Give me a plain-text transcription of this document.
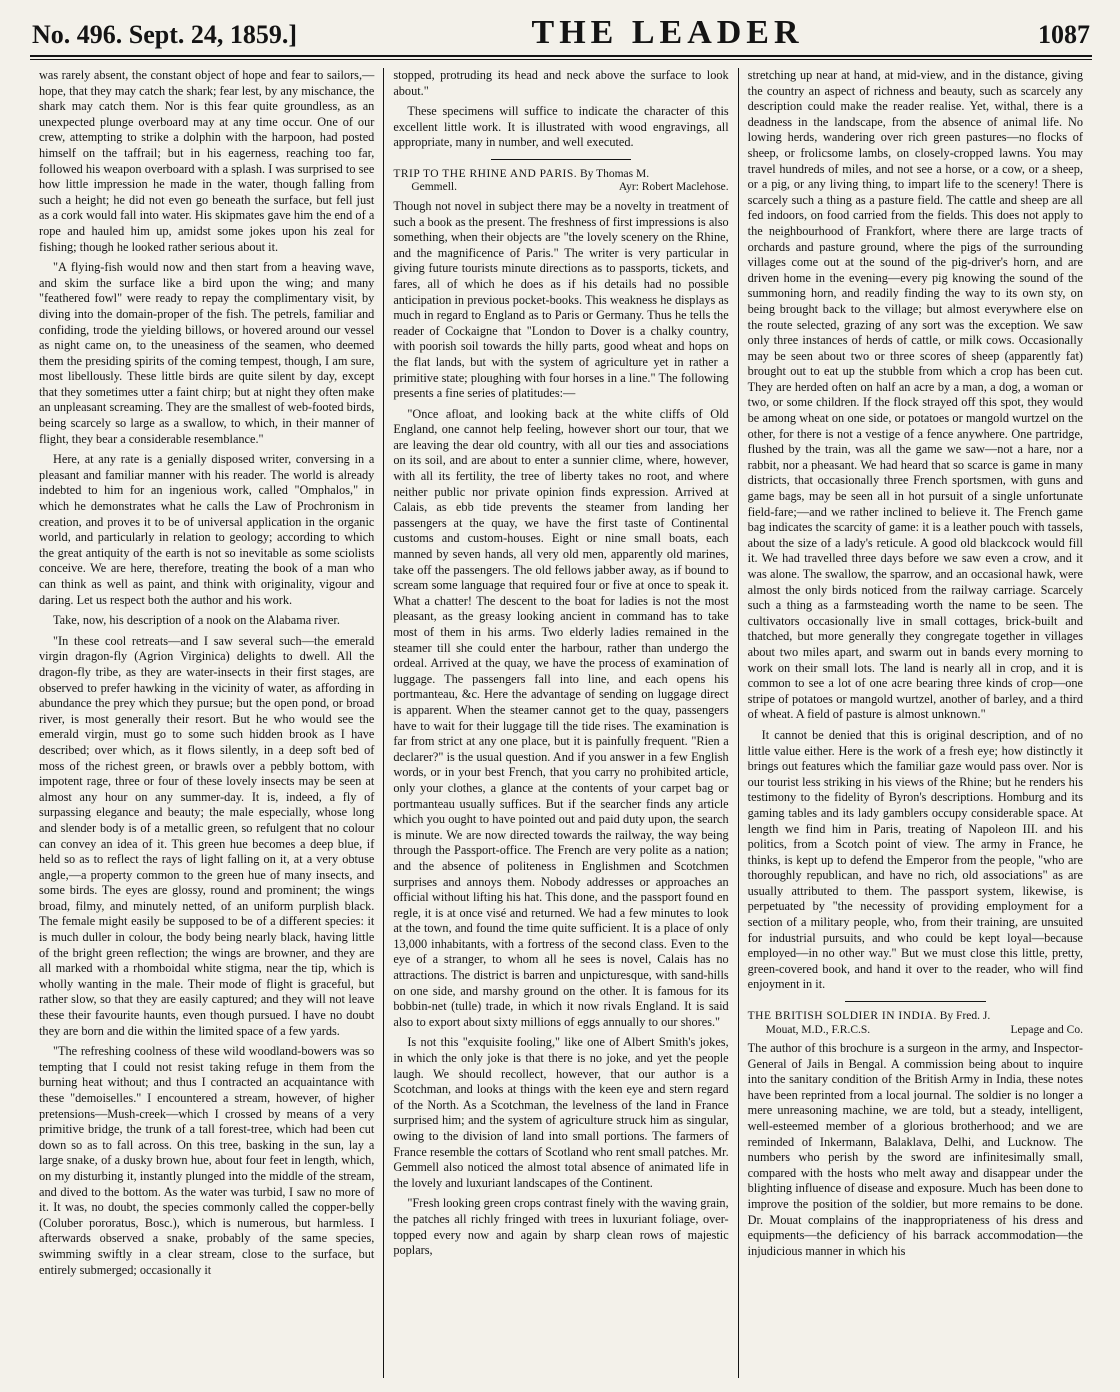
No. 496. Sept. 24, 1859.]	THE LEADER	1087

was rarely absent, the constant object of hope and fear to sailors,—hope, that they may catch the shark; fear lest, by any mischance, the shark may catch them. Nor is this fear quite groundless, as an unexpected plunge overboard may at any time occur. One of our crew, attempting to strike a dolphin with the harpoon, had posted himself on the taffrail; but in his eagerness, reaching too far, followed his weapon overboard with a splash. I was surprised to see how little impression he made in the water, though falling from such a height; he did not even go beneath the surface, but fell just as a cork would fall into water. His skipmates gave him the end of a rope and hauled him up, amidst some jokes upon his zeal for fishing; though he looked rather serious about it.

"A flying-fish would now and then start from a heaving wave, and skim the surface like a bird upon the wing; and many "feathered fowl" were ready to repay the complimentary visit, by diving into the domain-proper of the fish. The petrels, familiar and confiding, trode the yielding billows, or hovered around our vessel as night came on, to the uneasiness of the seamen, who deemed them the presiding spirits of the coming tempest, though, I am sure, most libellously. These little birds are quite silent by day, except that they sometimes utter a faint chirp; but at night they often make an unpleasant screaming. They are the smallest of web-footed birds, being scarcely so large as a swallow, to which, in their manner of flight, they bear a considerable resemblance."

Here, at any rate is a genially disposed writer, conversing in a pleasant and familiar manner with his reader. The world is already indebted to him for an ingenious work, called "Omphalos," in which he demonstrates what he calls the Law of Prochronism in creation, and proves it to be of universal application in the organic world, and particularly in relation to geology; according to which the great antiquity of the earth is not so inevitable as some sciolists conceive. We are here, therefore, treating the book of a man who can think as well as paint, and think with originality, vigour and daring. Let us respect both the author and his work.

Take, now, his description of a nook on the Alabama river.

"In these cool retreats—and I saw several such—the emerald virgin dragon-fly (Agrion Virginica) delights to dwell. All the dragon-fly tribe, as they are water-insects in their first stages, are observed to prefer hawking in the vicinity of water, as affording in abundance the prey which they pursue; but the open pond, or broad river, is most generally their resort. But he who would see the emerald virgin, must go to some such hidden brook as I have described; over which, as it flows silently, in a deep soft bed of moss of the richest green, or brawls over a pebbly bottom, with impotent rage, three or four of these lovely insects may be seen at almost any hour on any summer-day. It is, indeed, a fly of surpassing elegance and beauty; the male especially, whose long and slender body is of a metallic green, so refulgent that no colour can convey an idea of it. This green hue becomes a deep blue, if held so as to reflect the rays of light falling on it, at a very obtuse angle,—a property common to the green hue of many insects, and some birds. The eyes are glossy, round and prominent; the wings broad, filmy, and minutely netted, of an uniform purplish black. The female might easily be supposed to be of a different species: it is much duller in colour, the body being nearly black, having little of the bright green reflection; the wings are browner, and they are all marked with a rhomboidal white stigma, near the tip, which is wholly wanting in the male. Their mode of flight is graceful, but rather slow, so that they are easily captured; and they will not leave these their favourite haunts, even though pursued. I have no doubt they are born and die within the limited space of a few yards.

"The refreshing coolness of these wild woodland-bowers was so tempting that I could not resist taking refuge in them from the burning heat without; and thus I contracted an acquaintance with these "demoiselles." I encountered a stream, however, of higher pretensions—Mush-creek—which I crossed by means of a very primitive bridge, the trunk of a tall forest-tree, which had been cut down so as to fall across. On this tree, basking in the sun, lay a large snake, of a dusky brown hue, about four feet in length, which, on my disturbing it, instantly plunged into the middle of the stream, and dived to the bottom. As the water was turbid, I saw no more of it. It was, no doubt, the species commonly called the copper-belly (Coluber pororatus, Bosc.), which is numerous, but harmless. I afterwards observed a snake, probably of the same species, swimming swiftly in a clear stream, close to the surface, but entirely submerged; occasionally it

stopped, protruding its head and neck above the surface to look about."

These specimens will suffice to indicate the character of this excellent little work. It is illustrated with wood engravings, all appropriate, many in number, and well executed.

TRIP TO THE RHINE AND PARIS. By Thomas M.
Gemmell.	Ayr: Robert Maclehose.

Though not novel in subject there may be a novelty in treatment of such a book as the present. The freshness of first impressions is also something, when their objects are "the lovely scenery on the Rhine, and the magnificence of Paris." The writer is very particular in giving future tourists minute directions as to passports, tickets, and fares, all of which he does as if his details had no possible anticipation in previous pocket-books. This weakness he displays as much in regard to England as to Paris or Germany. Thus he tells the reader of Cockaigne that "London to Dover is a chalky country, with poorish soil towards the hilly parts, good wheat and hops on the flat lands, but with the system of agriculture yet in rather a primitive state; ploughing with four horses in a line." The following presents a fine series of platitudes:—

"Once afloat, and looking back at the white cliffs of Old England, one cannot help feeling, however short our tour, that we are leaving the dear old country, with all our ties and associations on its soil, and are about to enter a sunnier clime, where, however, with all its fertility, the tree of liberty takes no root, and where neither public nor private opinion finds expression. Arrived at Calais, as ebb tide prevents the steamer from landing her passengers at the quay, we have the first taste of Continental customs and custom-houses. Eight or nine small boats, each manned by seven hands, all very old men, apparently old marines, take off the passengers. The old fellows jabber away, as if bound to scream some language that required four or five at once to speak it. What a chatter! The descent to the boat for ladies is not the most pleasant, as the greasy looking ancient in command has to take most of them in his arms. Two elderly ladies remained in the steamer till she could enter the harbour, rather than undergo the ordeal. Arrived at the quay, we have the process of examination of luggage. The passengers fall into line, and each opens his portmanteau, &c. Here the advantage of sending on luggage direct is apparent. When the steamer cannot get to the quay, passengers have to wait for their luggage till the tide rises. The examination is far from strict at any one place, but it is painfully frequent. "Rien a declarer?" is the usual question. And if you answer in a few English words, or in your best French, that you carry no prohibited article, only your clothes, a glance at the contents of your carpet bag or portmanteau usually suffices. But if the searcher finds any article which you ought to have pointed out and paid duty upon, the search is minute. We are now directed towards the railway, the way being through the Passport-office. The French are very polite as a nation; and the absence of politeness in Englishmen and Scotchmen surprises and annoys them. Nobody addresses or approaches an official without lifting his hat. This done, and the passport found en regle, it is at once visé and returned. We had a few minutes to look at the town, and found the time quite sufficient. It is a place of only 13,000 inhabitants, with a fortress of the second class. Even to the eye of a stranger, to whom all he sees is novel, Calais has no attractions. The district is barren and unpicturesque, with sand-hills on one side, and marshy ground on the other. It is famous for its bobbin-net (tulle) trade, in which it now rivals England. It is said also to export about sixty millions of eggs annually to our shores."

Is not this "exquisite fooling," like one of Albert Smith's jokes, in which the only joke is that there is no joke, and yet the people laugh. We should recollect, however, that our author is a Scotchman, and looks at things with the keen eye and stern regard of the North. As a Scotchman, the levelness of the land in France surprised him; and the system of agriculture struck him as singular, owing to the division of land into small portions. The farmers of France resemble the cottars of Scotland who rent small patches. Mr. Gemmell also noticed the almost total absence of animated life in the lovely and luxuriant landscapes of the Continent.

"Fresh looking green crops contrast finely with the waving grain, the patches all richly fringed with trees in luxuriant foliage, over-topped every now and again by sharp clean rows of majestic poplars,

stretching up near at hand, at mid-view, and in the distance, giving the country an aspect of richness and beauty, such as scarcely any description could make the reader realise. Yet, withal, there is a deadness in the landscape, from the absence of animal life. No lowing herds, wandering over rich green pastures—no flocks of sheep, or frolicsome lambs, on closely-cropped lawns. You may travel hundreds of miles, and not see a horse, or a cow, or a sheep, or a pig, or any living thing, to impart life to the scenery! There is scarcely such a thing as a pasture field. The cattle and sheep are all fed indoors, on food carried from the fields. This does not apply to the neighbourhood of Frankfort, where there are large tracts of orchards and pasture ground, where the pigs of the surrounding villages come out at the sound of the pig-driver's horn, and are driven home in the evening—every pig knowing the sound of the summoning horn, and readily finding the way to its own sty, on being brought back to the village; but almost everywhere else on the route selected, grazing of any sort was the exception. We saw only three instances of herds of cattle, or milk cows. Occasionally may be seen about two or three scores of sheep (apparently fat) brought out to eat up the stubble from which a crop has been cut. They are herded often on half an acre by a man, a dog, a woman or two, or some children. If the flock strayed off this spot, they would be among wheat on one side, or potatoes or mangold wurtzel on the other, for there is not a vestige of a fence anywhere. One partridge, flushed by the train, was all the game we saw—not a hare, nor a rabbit, nor a pheasant. We had heard that so scarce is game in many districts, that occasionally three French sportsmen, with guns and game bags, may be seen all in hot pursuit of a single unfortunate field-fare;—and we rather inclined to believe it. The French game bag indicates the scarcity of game: it is a leather pouch with tassels, about the size of a lady's reticule. A good old blackcock would fill it. We had travelled three days before we saw even a crow, and it was alone. The swallow, the sparrow, and an occasional hawk, were almost the only birds noticed from the railway carriage. Scarcely such a thing as a farmsteading worth the name to be seen. The cultivators occasionally live in small cottages, brick-built and thatched, but more generally they congregate together in villages about two miles apart, and swarm out in bands every morning to work on their small lots. The land is nearly all in crop, and it is common to see a lot of one acre bearing three kinds of crop—one stripe of potatoes or mangold wurtzel, another of barley, and a third of wheat. A field of pasture is almost unknown."

It cannot be denied that this is original description, and of no little value either. Here is the work of a fresh eye; how distinctly it brings out features which the familiar gaze would pass over. Nor is our tourist less striking in his views of the Rhine; but he renders his testimony to the fidelity of Byron's descriptions. Homburg and its gaming tables and its lady gamblers occupy considerable space. At length we find him in Paris, treating of Napoleon III. and his politics, from a Scotch point of view. The army in France, he thinks, is kept up to defend the Emperor from the people, "who are thoroughly republican, and have no rich, old associations" as are usually attributed to them. The passport system, likewise, is perpetuated by "the necessity of providing employment for a section of a military people, who, from their training, are unsuited for industrial pursuits, and who could be kept loyal—because employed—in no other way." But we must close this little, pretty, green-covered book, and hand it over to the reader, who will find enjoyment in it.

THE BRITISH SOLDIER IN INDIA. By Fred. J.
Mouat, M.D., F.R.C.S.	Lepage and Co.

The author of this brochure is a surgeon in the army, and Inspector-General of Jails in Bengal. A commission being about to inquire into the sanitary condition of the British Army in India, these notes have been reprinted from a local journal. The soldier is no longer a mere unreasoning machine, we are told, but a steady, intelligent, well-esteemed member of a glorious brotherhood; and we are reminded of Inkermann, Balaklava, Delhi, and Lucknow. The numbers who perish by the sword are infinitesimally small, compared with the hosts who melt away and disappear under the blighting influence of disease and exposure. Much has been done to improve the position of the soldier, but more remains to be done. Dr. Mouat complains of the inappropriateness of his dress and equipments—the deficiency of his barrack accommodation—the injudicious manner in which his
